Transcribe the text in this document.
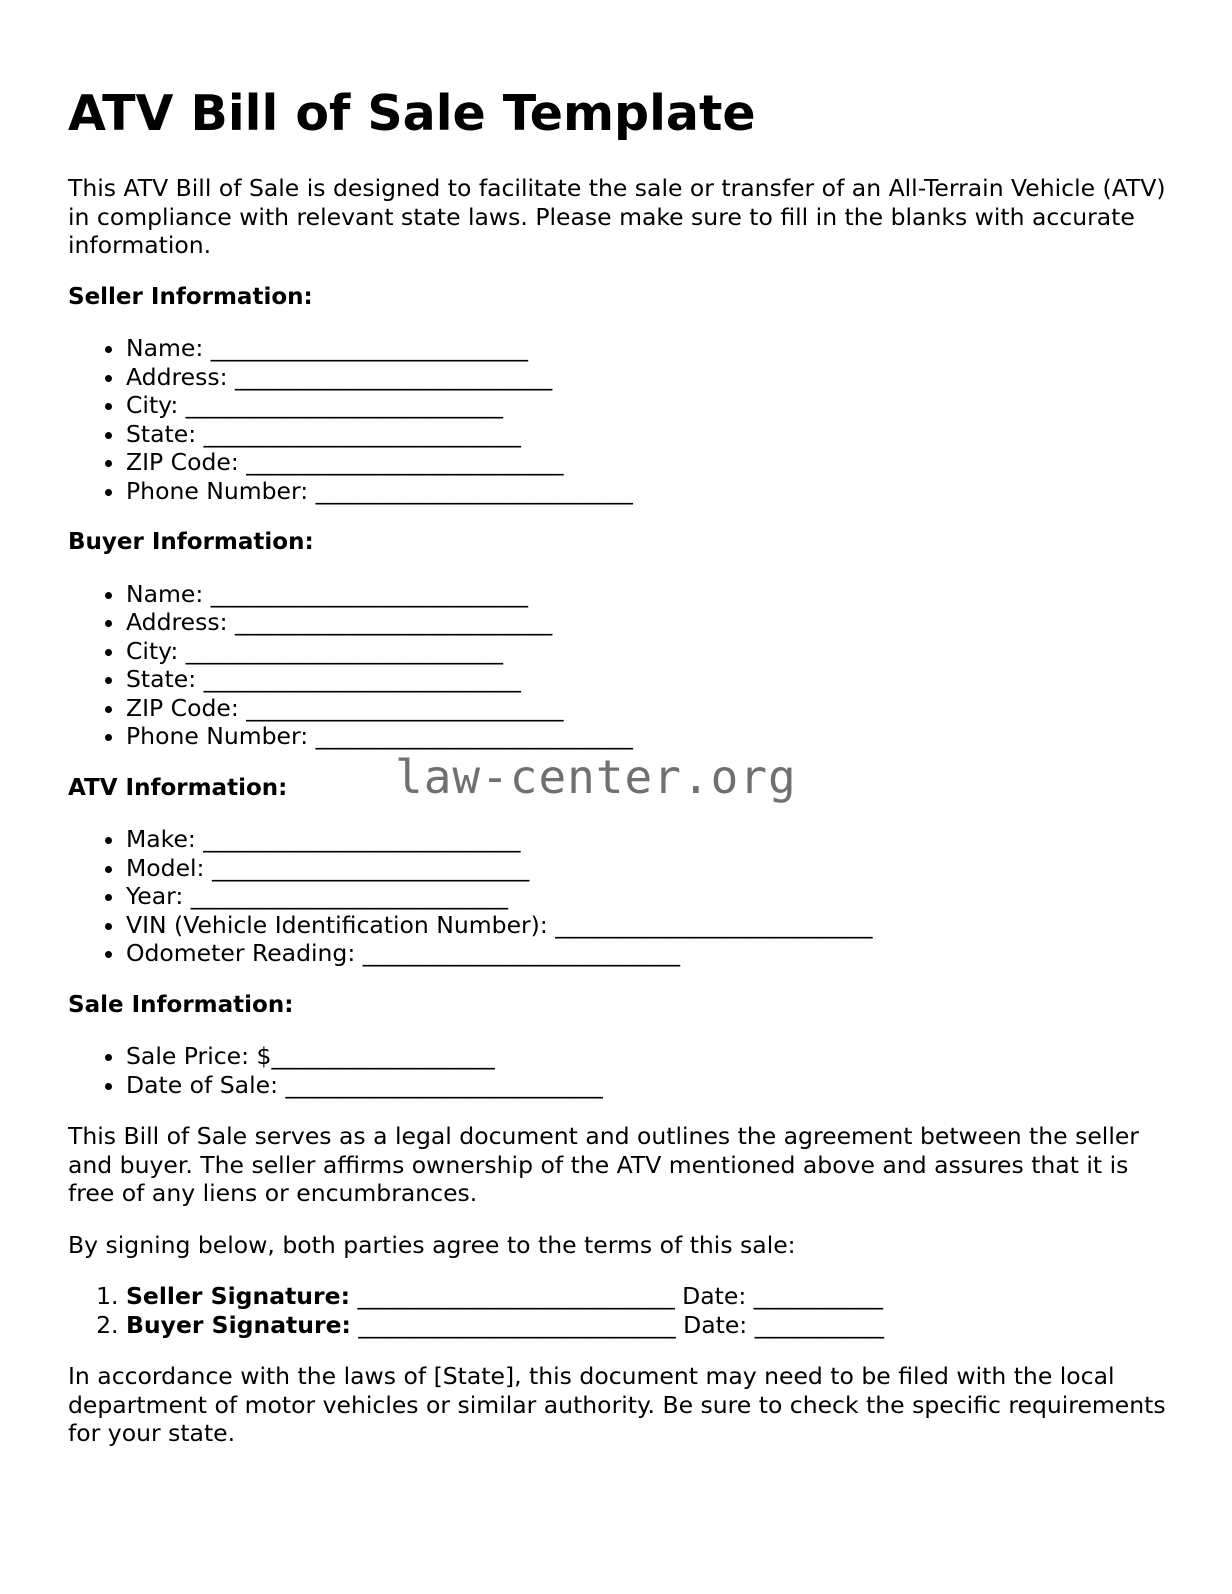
ATV Bill of Sale Template

This ATV Bill of Sale is designed to facilitate the sale or transfer of an All-Terrain Vehicle (ATV) in compliance with relevant state laws. Please make sure to fill in the blanks with accurate information.

Seller Information:
• Name: ___________________________
• Address: ___________________________
• City: ___________________________
• State: ___________________________
• ZIP Code: ___________________________
• Phone Number: ___________________________
Buyer Information:
• Name: ___________________________
• Address: ___________________________
• City: ___________________________
• State: ___________________________
• ZIP Code: ___________________________
• Phone Number: ___________________________
ATV Information:	law-center.org
• Make: ___________________________
• Model: ___________________________
• Year: ___________________________
• VIN (Vehicle Identification Number): ___________________________
• Odometer Reading: ___________________________
Sale Information:
• Sale Price: $___________________
• Date of Sale: ___________________________

This Bill of Sale serves as a legal document and outlines the agreement between the seller and buyer. The seller affirms ownership of the ATV mentioned above and assures that it is free of any liens or encumbrances.

By signing below, both parties agree to the terms of this sale:

1. Seller Signature: ___________________________ Date: ___________
2. Buyer Signature: ___________________________ Date: ___________

In accordance with the laws of [State], this document may need to be filed with the local department of motor vehicles or similar authority. Be sure to check the specific requirements for your state.
